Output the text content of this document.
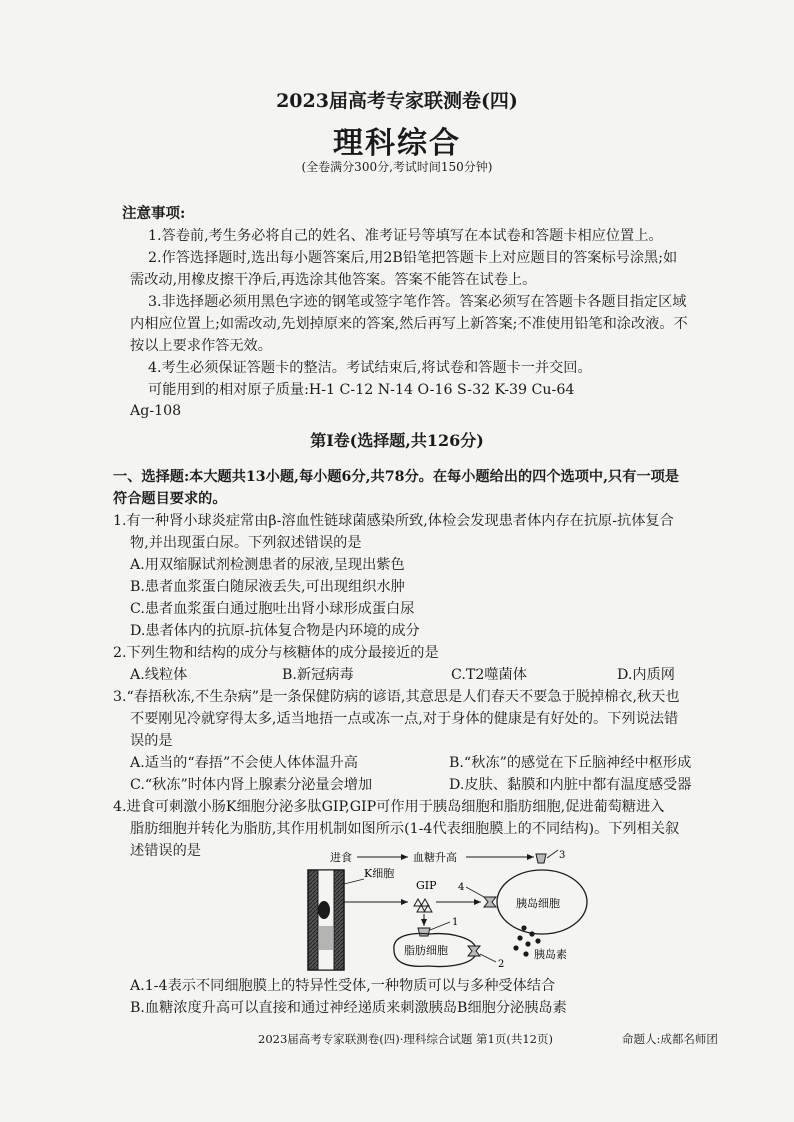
2023届高考专家联测卷(四)
理科综合
(全卷满分300分,考试时间150分钟)
注意事项:
1.答卷前,考生务必将自己的姓名、准考证号等填写在本试卷和答题卡相应位置上。
2.作答选择题时,选出每小题答案后,用2B铅笔把答题卡上对应题目的答案标号涂黑;如
需改动,用橡皮擦干净后,再选涂其他答案。答案不能答在试卷上。
3.非选择题必须用黑色字迹的钢笔或签字笔作答。答案必须写在答题卡各题目指定区域
内相应位置上;如需改动,先划掉原来的答案,然后再写上新答案;不准使用铅笔和涂改液。不
按以上要求作答无效。
4.考生必须保证答题卡的整洁。考试结束后,将试卷和答题卡一并交回。
可能用到的相对原子质量:H-1 C-12 N-14 O-16 S-32 K-39 Cu-64
Ag-108
第Ⅰ卷(选择题,共126分)
一、选择题:本大题共13小题,每小题6分,共78分。在每小题给出的四个选项中,只有一项是
符合题目要求的。
1.有一种肾小球炎症常由β-溶血性链球菌感染所致,体检会发现患者体内存在抗原-抗体复合
物,并出现蛋白尿。下列叙述错误的是
A.用双缩脲试剂检测患者的尿液,呈现出紫色
B.患者血浆蛋白随尿液丢失,可出现组织水肿
C.患者血浆蛋白通过胞吐出肾小球形成蛋白尿
D.患者体内的抗原-抗体复合物是内环境的成分
2.下列生物和结构的成分与核糖体的成分最接近的是
A.线粒体	B.新冠病毒	C.T2噬菌体	D.内质网
3.“春捂秋冻,不生杂病”是一条保健防病的谚语,其意思是人们春天不要急于脱掉棉衣,秋天也
不要刚见冷就穿得太多,适当地捂一点或冻一点,对于身体的健康是有好处的。下列说法错
误的是
A.适当的“春捂”不会使人体体温升高	B.“秋冻”的感觉在下丘脑神经中枢形成
C.“秋冻”时体内肾上腺素分泌量会增加	D.皮肤、黏膜和内脏中都有温度感受器
4.进食可刺激小肠K细胞分泌多肽GIP,GIP可作用于胰岛细胞和脂肪细胞,促进葡萄糖进入
脂肪细胞并转化为脂肪,其作用机制如图所示(1-4代表细胞膜上的不同结构)。下列相关叙
述错误的是	进食	血糖升高	3
K细胞
胰岛细胞
4
GIP
1
脂肪细胞
2
胰岛素
A.1-4表示不同细胞膜上的特异性受体,一种物质可以与多种受体结合
B.血糖浓度升高可以直接和通过神经递质来刺激胰岛B细胞分泌胰岛素
2023届高考专家联测卷(四)·理科综合试题 第1页(共12页)	命题人:成都名师团
